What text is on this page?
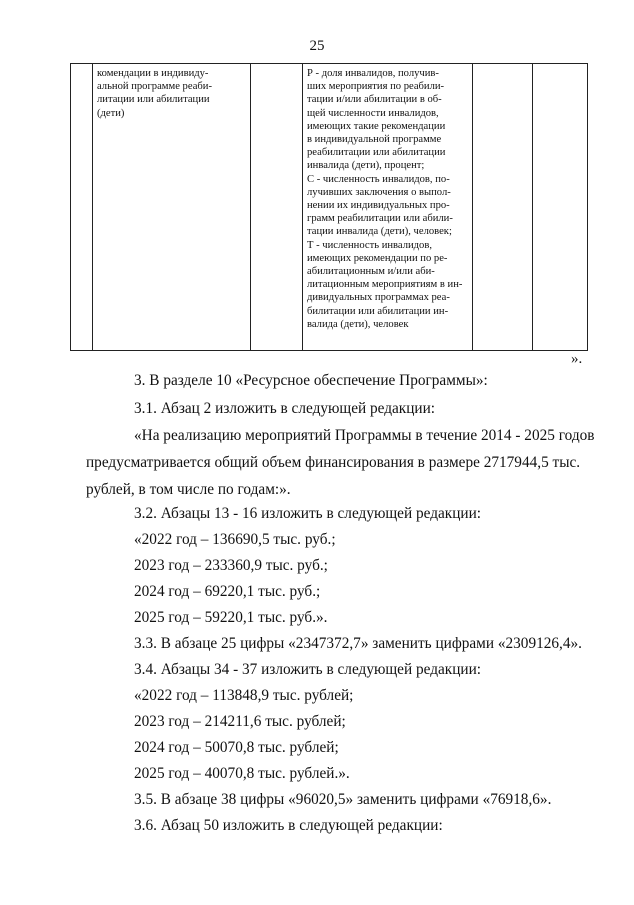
25
	комендации в индивиду-
альной программе реаби-
литации или абилитации
(дети)		Р - доля инвалидов, получив-
ших мероприятия по реабили-
тации и/или абилитации в об-
щей численности инвалидов,
имеющих такие рекомендации
в индивидуальной программе
реабилитации или абилитации
инвалида (дети), процент;
С - численность инвалидов, по-
лучивших заключения о выпол-
нении их индивидуальных про-
грамм реабилитации или абили-
тации инвалида (дети), человек;
Т - численность инвалидов,
имеющих рекомендации по ре-
абилитационным и/или аби-
литационным мероприятиям в ин-
дивидуальных программах реа-
билитации или абилитации ин-
валида (дети), человек		
».
3. В разделе 10 «Ресурсное обеспечение Программы»:
3.1. Абзац 2 изложить в следующей редакции:
«На реализацию мероприятий Программы в течение 2014 - 2025 годов
предусматривается общий объем финансирования в размере 2717944,5 тыс.
рублей, в том числе по годам:».
3.2. Абзацы 13 - 16 изложить в следующей редакции:
«2022 год – 136690,5 тыс. руб.;
2023 год – 233360,9 тыс. руб.;
2024 год – 69220,1 тыс. руб.;
2025 год – 59220,1 тыс. руб.».
3.3. В абзаце 25 цифры «2347372,7» заменить цифрами «2309126,4».
3.4. Абзацы 34 - 37 изложить в следующей редакции:
«2022 год – 113848,9 тыс. рублей;
2023 год – 214211,6 тыс. рублей;
2024 год – 50070,8 тыс. рублей;
2025 год – 40070,8 тыс. рублей.».
3.5. В абзаце 38 цифры «96020,5» заменить цифрами «76918,6».
3.6. Абзац 50 изложить в следующей редакции:
